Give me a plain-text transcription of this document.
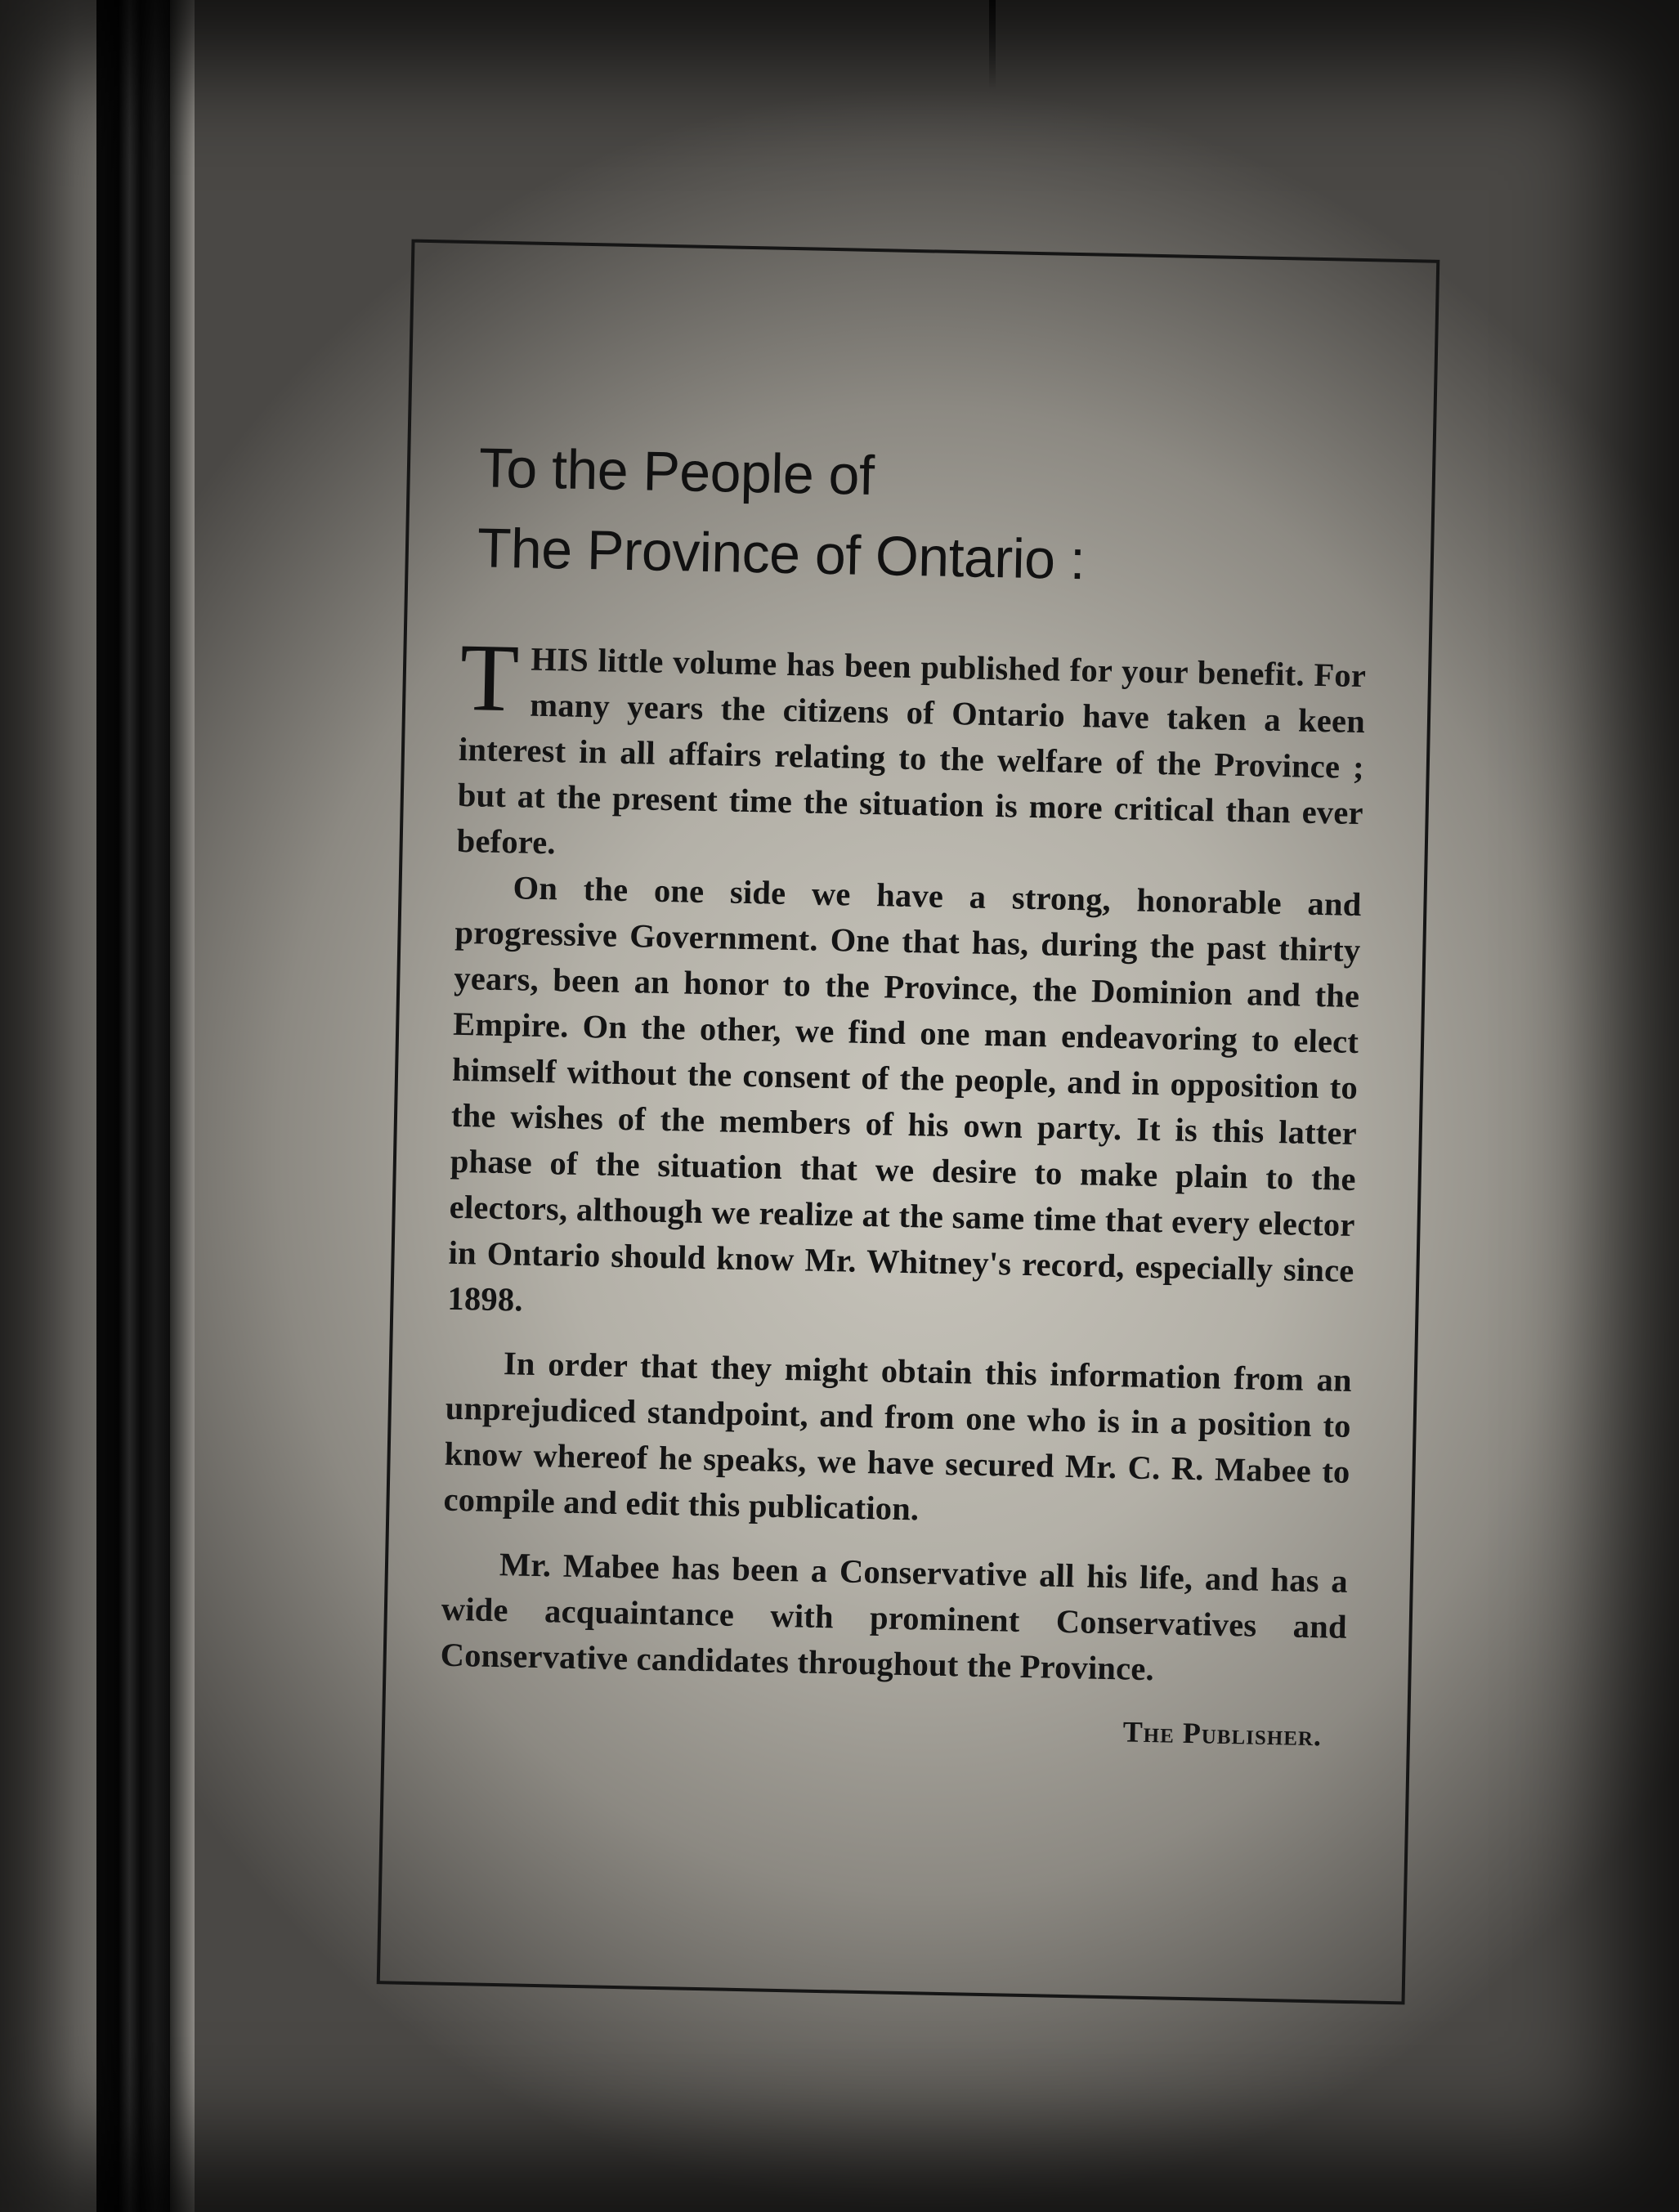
To the People of
The Province of Ontario :

THIS little volume has been published for your benefit. For many years the citizens of Ontario have taken a keen interest in all affairs relating to the welfare of the Province ; but at the present time the situation is more critical than ever before.

On the one side we have a strong, honorable and progressive Government. One that has, during the past thirty years, been an honor to the Province, the Dominion and the Empire. On the other, we find one man endeavoring to elect himself without the consent of the people, and in opposition to the wishes of the members of his own party. It is this latter phase of the situation that we desire to make plain to the electors, although we realize at the same time that every elector in Ontario should know Mr. Whitney's record, especially since 1898.

In order that they might obtain this information from an unprejudiced standpoint, and from one who is in a position to know whereof he speaks, we have secured Mr. C. R. Mabee to compile and edit this publication.

Mr. Mabee has been a Conservative all his life, and has a wide acquaintance with prominent Conservatives and Conservative candidates throughout the Province.

The Publisher.
